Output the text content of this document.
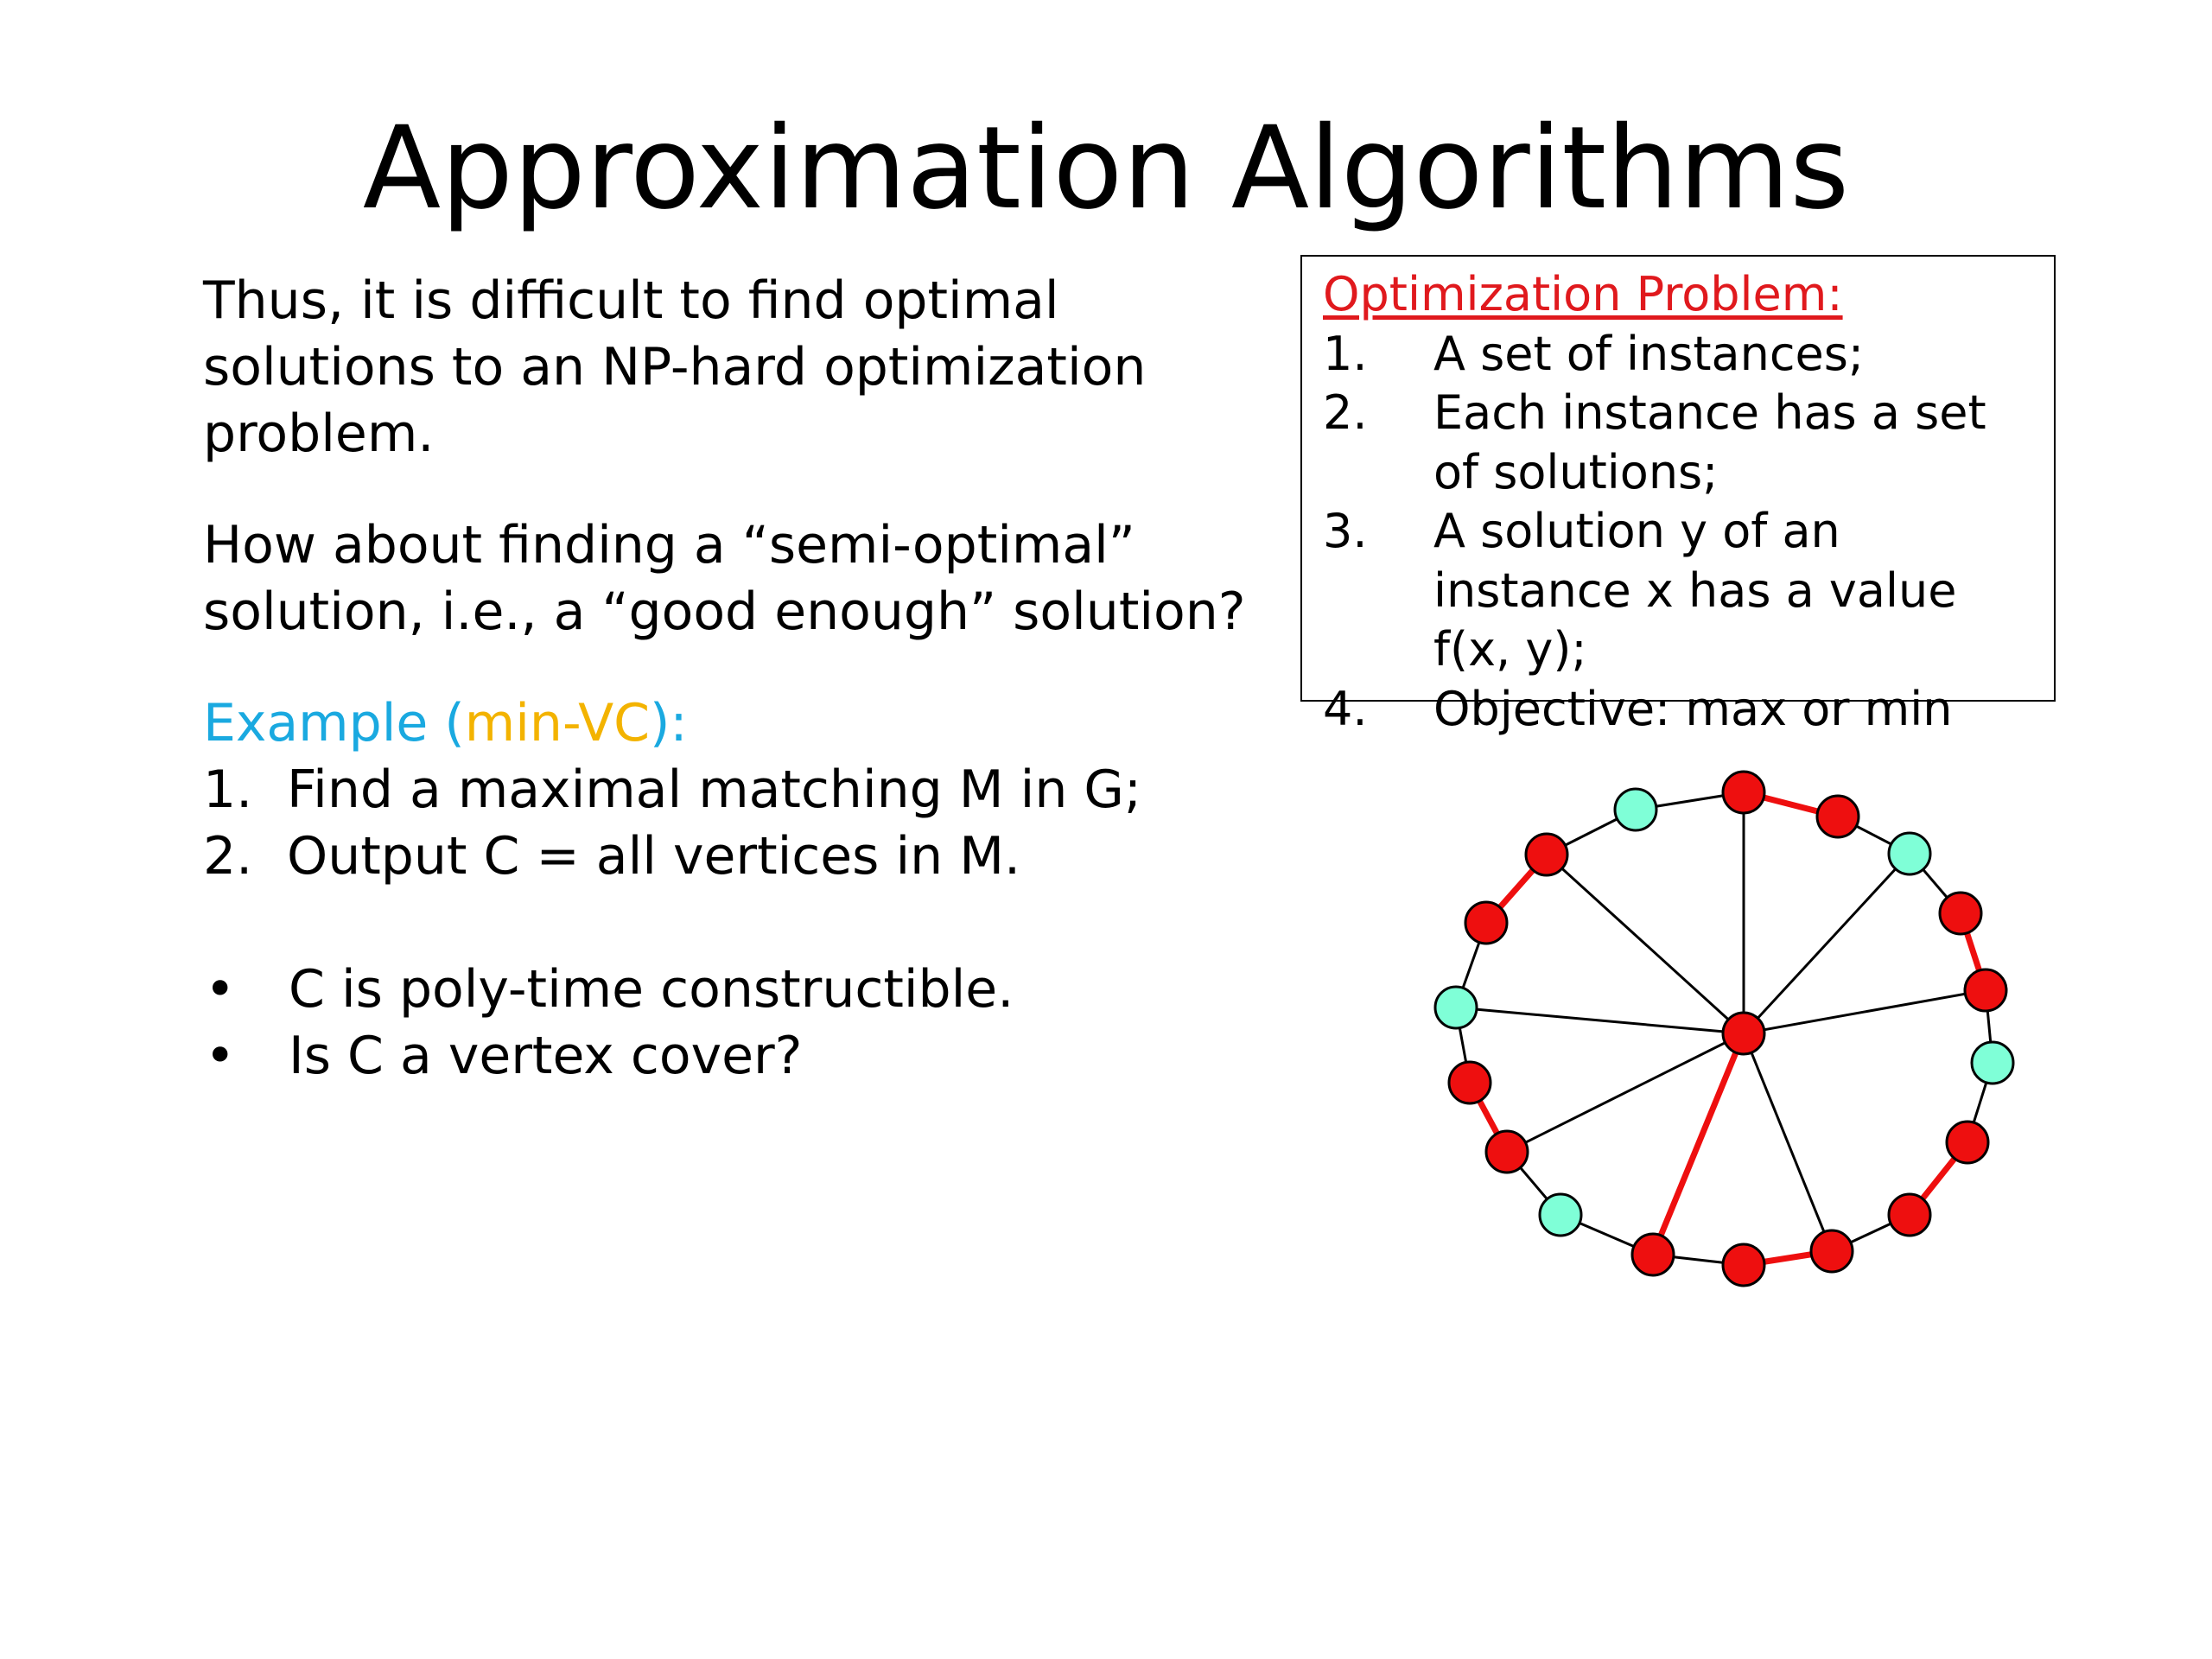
Approximation Algorithms

Thus, it is difficult to find optimal solutions to an NP-hard optimization problem.

How about finding a “semi-optimal” solution, i.e., a “good enough” solution?

Example (min-VC):

1. Find a maximal matching M in G;
2. Output C = all vertices in M.
•	C is poly-time constructible.
•	Is C a vertex cover?
Optimization Problem:
1.	A set of instances;
2.	Each instance has a set of solutions;
3.	A solution y of an instance x has a value f(x, y);
4.	Objective: max or min
